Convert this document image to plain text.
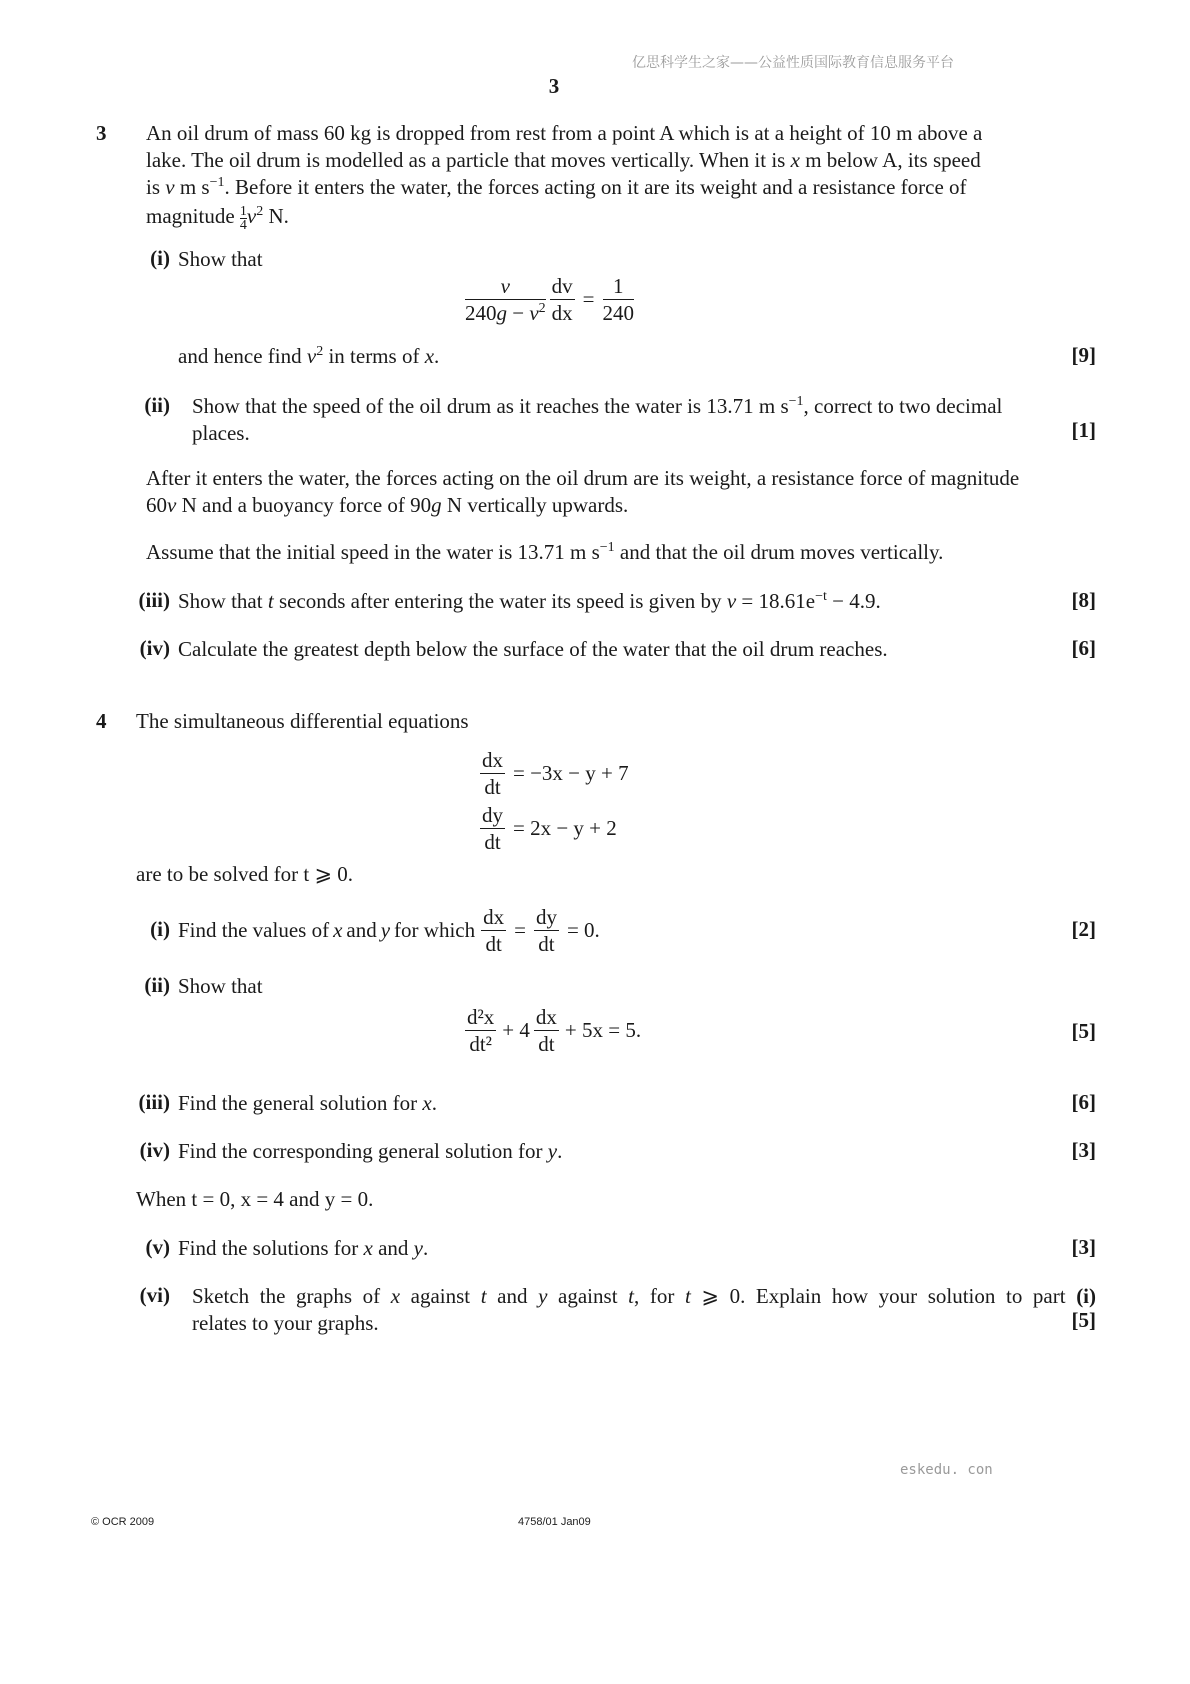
亿思科学生之家——公益性质国际教育信息服务平台
3
3 An oil drum of mass 60 kg is dropped from rest from a point A which is at a height of 10 m above a
lake. The oil drum is modelled as a particle that moves vertically. When it is x m below A, its speed
is v m $s^{-1}$. Before it enters the water, the forces acting on it are its weight and a resistance force of
magnitude $\frac{1}{4} v^2$ N.
(i) Show that
$\frac{v}{240g - v^2} \frac{dv}{dx} = \frac{1}{240}$
and hence find $v^2$ in terms of x.	[9]
(ii) Show that the speed of the oil drum as it reaches the water is 13.71 m $s^{-1}$, correct to two decimal
places.	[1]
After it enters the water, the forces acting on the oil drum are its weight, a resistance force of magnitude
60v N and a buoyancy force of 90g N vertically upwards.
Assume that the initial speed in the water is 13.71 m $s^{-1}$ and that the oil drum moves vertically.
(iii) Show that t seconds after entering the water its speed is given by $v = 18.61e^{-t} - 4.9$.	[8]
(iv) Calculate the greatest depth below the surface of the water that the oil drum reaches.	[6]
4 The simultaneous differential equations
$\frac{dx}{dt} = -3x - y + 7$
$\frac{dy}{dt} = 2x - y + 2$
are to be solved for t ⩾ 0.
(i) Find the values of x and y for which $\frac{dx}{dt} = \frac{dy}{dt} = 0$.	[2]
(ii) Show that
$\frac{\text{d²x}}{\text{dt²}} + 4 \frac{dx}{dt} + 5x = 5$.	[5]
(iii) Find the general solution for x.	[6]
(iv) Find the corresponding general solution for y.	[3]
When t = 0, x = 4 and y = 0.
(v) Find the solutions for x and y.	[3]
(vi) Sketch the graphs of x against t and y against t, for t ⩾ 0. Explain how your solution to part (i)
relates to your graphs.	[5]
eskedu. con
© OCR 2009	4758/01 Jan09
